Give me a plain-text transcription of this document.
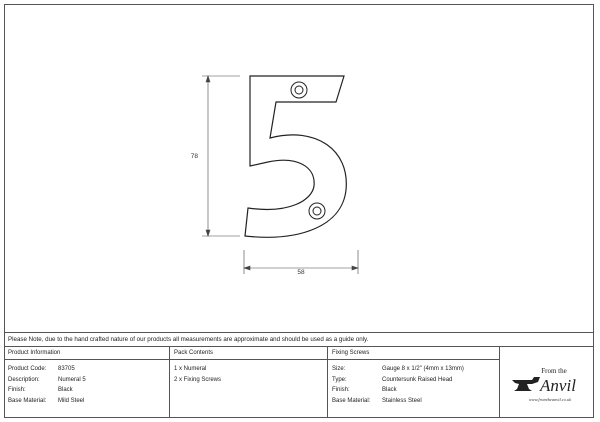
78
58
Please Note, due to the hand crafted nature of our products all measurements are approximate and should be used as a guide only.
Product Information
Product Code:	83705
Description:	Numeral 5
Finish:	Black
Base Material:	Mild Steel
Pack Contents
1 x Numeral
2 x Fixing Screws
Fixing Screws
Size:	Gauge 8 x 1/2" (4mm x 13mm)
Type:	Countersunk Raised Head
Finish:	Black
Base Material:	Stainless Steel
From the
Anvil
www.fromtheanvil.co.uk
